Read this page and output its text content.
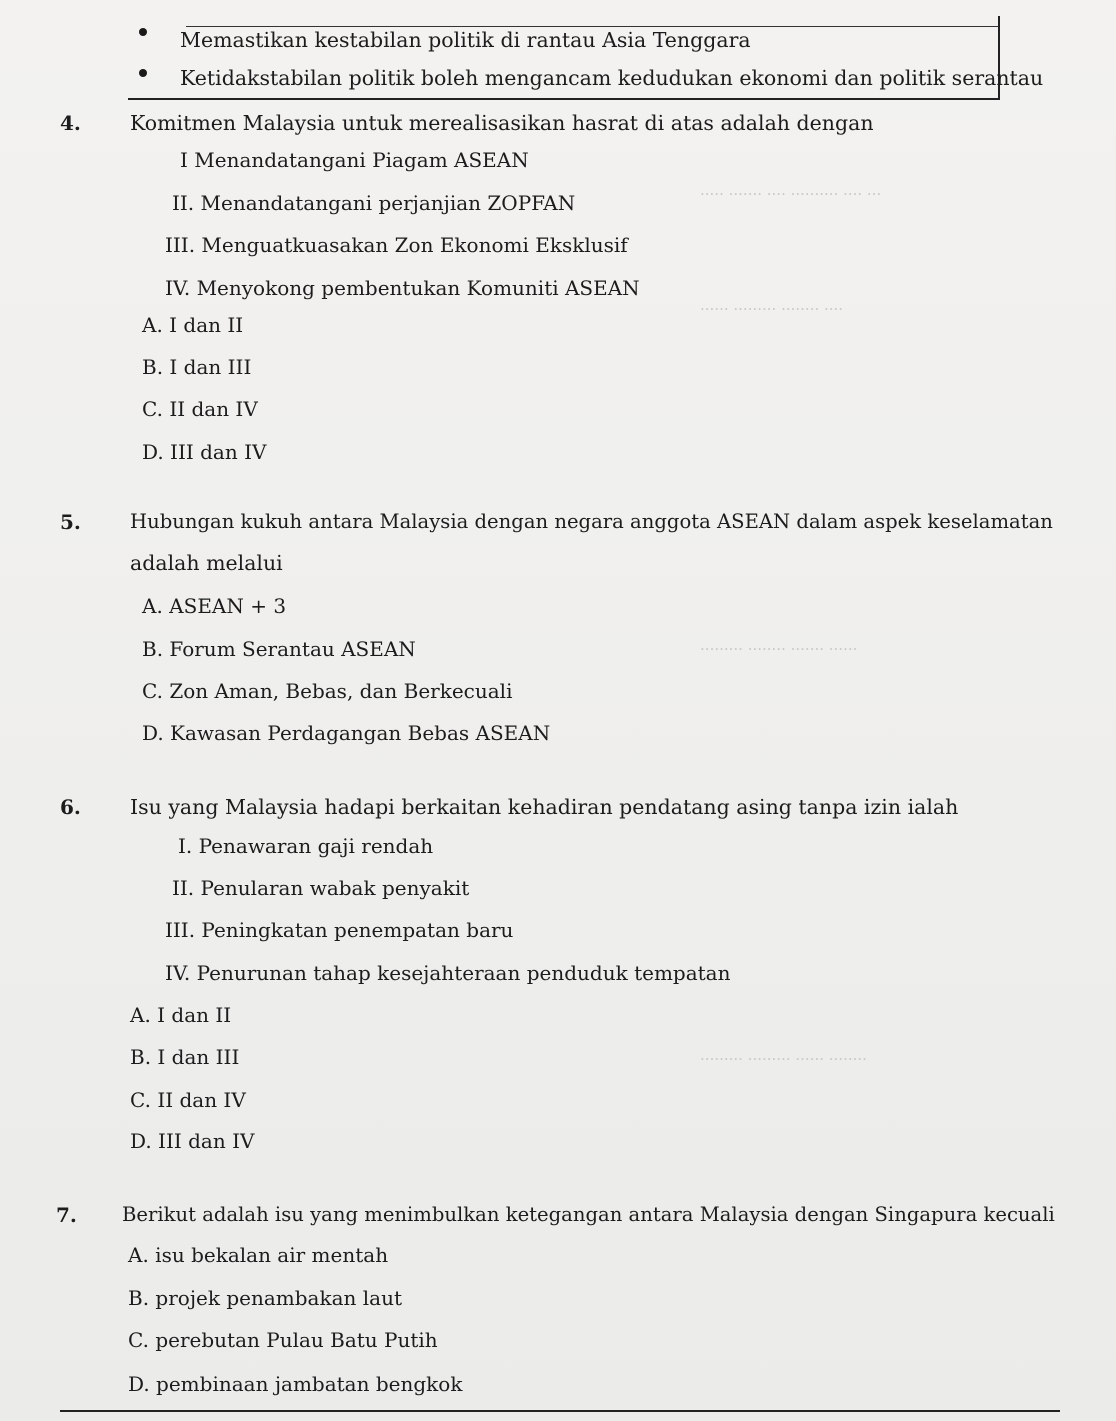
··· ···· ·········· ···· ······· ·····
···· ········ ········· ······
······ ······· ········ ·········
········ ······ ········· ·········
Memastikan kestabilan politik di rantau Asia Tenggara
Ketidakstabilan politik boleh mengancam kedudukan ekonomi dan politik serantau
4. Komitmen Malaysia untuk merealisasikan hasrat di atas adalah dengan
I Menandatangani Piagam ASEAN
II. Menandatangani perjanjian ZOPFAN
III. Menguatkuasakan Zon Ekonomi Eksklusif
IV. Menyokong pembentukan Komuniti ASEAN
A. I dan II
B. I dan III
C. II dan IV
D. III dan IV
5.	Hubungan kukuh antara Malaysia dengan negara anggota ASEAN dalam aspek keselamatan
adalah melalui
A. ASEAN + 3
B. Forum Serantau ASEAN
C. Zon Aman, Bebas, dan Berkecuali
D. Kawasan Perdagangan Bebas ASEAN
6. Isu yang Malaysia hadapi berkaitan kehadiran pendatang asing tanpa izin ialah
I. Penawaran gaji rendah
II. Penularan wabak penyakit
III. Peningkatan penempatan baru
IV. Penurunan tahap kesejahteraan penduduk tempatan
A. I dan II
B. I dan III
C. II dan IV
D. III dan IV
7. Berikut adalah isu yang menimbulkan ketegangan antara Malaysia dengan Singapura kecuali
A. isu bekalan air mentah
B. projek penambakan laut
C. perebutan Pulau Batu Putih
D. pembinaan jambatan bengkok
